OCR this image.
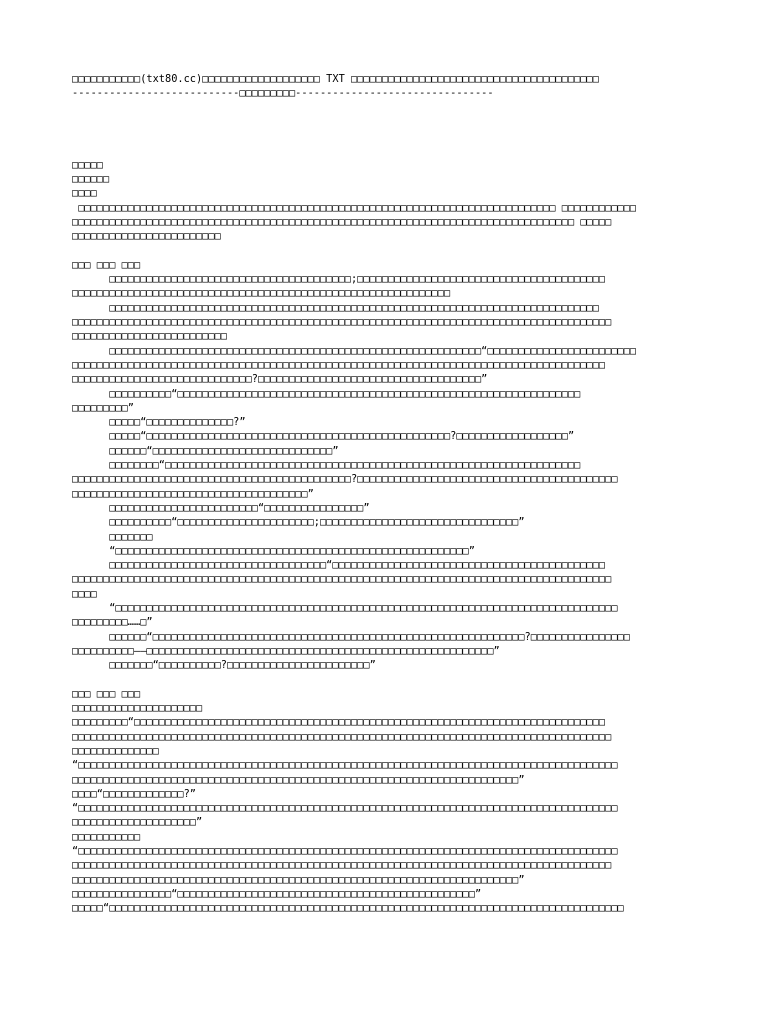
□□□□□□□□□□□(txt80.cc)□□□□□□□□□□□□□□□□□□□ TXT □□□□□□□□□□□□□□□□□□□□□□□□□□□□□□□□□□□□□□□□
---------------------------□□□□□□□□□--------------------------------
□□□□□
□□□□□□
□□□□
□□□□□□□□□□□□□□□□□□□□□□□□□□□□□□□□□□□□□□□□□□□□□□□□□□□□□□□□□□□□□□□□□□□□□□□□□□□□□ □□□□□□□□□□□□
□□□□□□□□□□□□□□□□□□□□□□□□□□□□□□□□□□□□□□□□□□□□□□□□□□□□□□□□□□□□□□□□□□□□□□□□□□□□□□□□□ □□□□□
□□□□□□□□□□□□□□□□□□□□□□□□
□□□ □□□ □□□
□□□□□□□□□□□□□□□□□□□□□□□□□□□□□□□□□□□□□□□;□□□□□□□□□□□□□□□□□□□□□□□□□□□□□□□□□□□□□□□□
□□□□□□□□□□□□□□□□□□□□□□□□□□□□□□□□□□□□□□□□□□□□□□□□□□□□□□□□□□□□□
□□□□□□□□□□□□□□□□□□□□□□□□□□□□□□□□□□□□□□□□□□□□□□□□□□□□□□□□□□□□□□□□□□□□□□□□□□□□□□□
□□□□□□□□□□□□□□□□□□□□□□□□□□□□□□□□□□□□□□□□□□□□□□□□□□□□□□□□□□□□□□□□□□□□□□□□□□□□□□□□□□□□□□□
□□□□□□□□□□□□□□□□□□□□□□□□□
□□□□□□□□□□□□□□□□□□□□□□□□□□□□□□□□□□□□□□□□□□□□□□□□□□□□□□□□□□□□“□□□□□□□□□□□□□□□□□□□□□□□□
□□□□□□□□□□□□□□□□□□□□□□□□□□□□□□□□□□□□□□□□□□□□□□□□□□□□□□□□□□□□□□□□□□□□□□□□□□□□□□□□□□□□□□
□□□□□□□□□□□□□□□□□□□□□□□□□□□□□?□□□□□□□□□□□□□□□□□□□□□□□□□□□□□□□□□□□□”
□□□□□□□□□□“□□□□□□□□□□□□□□□□□□□□□□□□□□□□□□□□□□□□□□□□□□□□□□□□□□□□□□□□□□□□□□□□□
□□□□□□□□□”
□□□□□“□□□□□□□□□□□□□□?”
□□□□□“□□□□□□□□□□□□□□□□□□□□□□□□□□□□□□□□□□□□□□□□□□□□□□□□□?□□□□□□□□□□□□□□□□□□”
□□□□□□“□□□□□□□□□□□□□□□□□□□□□□□□□□□□□”
□□□□□□□□“□□□□□□□□□□□□□□□□□□□□□□□□□□□□□□□□□□□□□□□□□□□□□□□□□□□□□□□□□□□□□□□□□□□
□□□□□□□□□□□□□□□□□□□□□□□□□□□□□□□□□□□□□□□□□□□□□?□□□□□□□□□□□□□□□□□□□□□□□□□□□□□□□□□□□□□□□□□□
□□□□□□□□□□□□□□□□□□□□□□□□□□□□□□□□□□□□□□”
□□□□□□□□□□□□□□□□□□□□□□□□“□□□□□□□□□□□□□□□□”
□□□□□□□□□□“□□□□□□□□□□□□□□□□□□□□□□;□□□□□□□□□□□□□□□□□□□□□□□□□□□□□□□□”
□□□□□□□
“□□□□□□□□□□□□□□□□□□□□□□□□□□□□□□□□□□□□□□□□□□□□□□□□□□□□□□□□□”
□□□□□□□□□□□□□□□□□□□□□□□□□□□□□□□□□□□“□□□□□□□□□□□□□□□□□□□□□□□□□□□□□□□□□□□□□□□□□□□□
□□□□□□□□□□□□□□□□□□□□□□□□□□□□□□□□□□□□□□□□□□□□□□□□□□□□□□□□□□□□□□□□□□□□□□□□□□□□□□□□□□□□□□□
□□□□
“□□□□□□□□□□□□□□□□□□□□□□□□□□□□□□□□□□□□□□□□□□□□□□□□□□□□□□□□□□□□□□□□□□□□□□□□□□□□□□□□□
□□□□□□□□□……□”
□□□□□□“□□□□□□□□□□□□□□□□□□□□□□□□□□□□□□□□□□□□□□□□□□□□□□□□□□□□□□□□□□□□?□□□□□□□□□□□□□□□□
□□□□□□□□□□——□□□□□□□□□□□□□□□□□□□□□□□□□□□□□□□□□□□□□□□□□□□□□□□□□□□□□□□□”
□□□□□□□“□□□□□□□□□□?□□□□□□□□□□□□□□□□□□□□□□□”
□□□ □□□ □□□
□□□□□□□□□□□□□□□□□□□□□
□□□□□□□□□“□□□□□□□□□□□□□□□□□□□□□□□□□□□□□□□□□□□□□□□□□□□□□□□□□□□□□□□□□□□□□□□□□□□□□□□□□□□□
□□□□□□□□□□□□□□□□□□□□□□□□□□□□□□□□□□□□□□□□□□□□□□□□□□□□□□□□□□□□□□□□□□□□□□□□□□□□□□□□□□□□□□□
□□□□□□□□□□□□□□
“□□□□□□□□□□□□□□□□□□□□□□□□□□□□□□□□□□□□□□□□□□□□□□□□□□□□□□□□□□□□□□□□□□□□□□□□□□□□□□□□□□□□□□□
□□□□□□□□□□□□□□□□□□□□□□□□□□□□□□□□□□□□□□□□□□□□□□□□□□□□□□□□□□□□□□□□□□□□□□□□”
□□□□“□□□□□□□□□□□□□?”
“□□□□□□□□□□□□□□□□□□□□□□□□□□□□□□□□□□□□□□□□□□□□□□□□□□□□□□□□□□□□□□□□□□□□□□□□□□□□□□□□□□□□□□□
□□□□□□□□□□□□□□□□□□□□”
□□□□□□□□□□□
“□□□□□□□□□□□□□□□□□□□□□□□□□□□□□□□□□□□□□□□□□□□□□□□□□□□□□□□□□□□□□□□□□□□□□□□□□□□□□□□□□□□□□□□
□□□□□□□□□□□□□□□□□□□□□□□□□□□□□□□□□□□□□□□□□□□□□□□□□□□□□□□□□□□□□□□□□□□□□□□□□□□□□□□□□□□□□□□
□□□□□□□□□□□□□□□□□□□□□□□□□□□□□□□□□□□□□□□□□□□□□□□□□□□□□□□□□□□□□□□□□□□□□□□□”
□□□□□□□□□□□□□□□□“□□□□□□□□□□□□□□□□□□□□□□□□□□□□□□□□□□□□□□□□□□□□□□□□”
□□□□□“□□□□□□□□□□□□□□□□□□□□□□□□□□□□□□□□□□□□□□□□□□□□□□□□□□□□□□□□□□□□□□□□□□□□□□□□□□□□□□□□□□□
